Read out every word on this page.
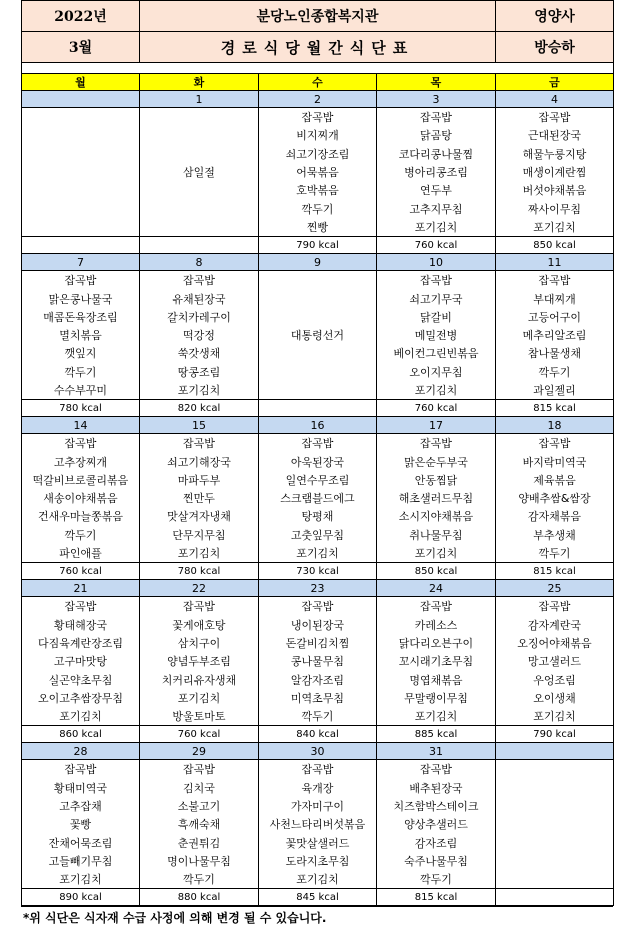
2022년	분당노인종합복지관			영양사
3월	경로식당월간식단표			방승하

월	화	수	목	금
	1	2	3	4
		잡곡밥	잡곡밥	잡곡밥
		비지찌개	닭곰탕	근대된장국
		쇠고기장조림	코다리콩나물찜	해물누룽지탕
	삼일절	어묵볶음	병아리콩조림	매생이계란찜
		호박볶음	연두부	버섯야채볶음
		깍두기	고추지무침	짜사이무침
		찐빵	포기김치	포기김치
		790 kcal	760 kcal	850 kcal
7	8	9	10	11
잡곡밥	잡곡밥		잡곡밥	잡곡밥
맑은콩나물국	유채된장국		쇠고기무국	부대찌개
매콤돈육장조림	갈치카레구이		닭갈비	고등어구이
멸치볶음	떡강정	대통령선거	메밀전병	메추리알조림
깻잎지	쑥갓생채		베이컨그린빈볶음	참나물생채
깍두기	땅콩조림		오이지무침	깍두기
수수부꾸미	포기김치		포기김치	과일젤리
780 kcal	820 kcal		760 kcal	815 kcal
14	15	16	17	18
잡곡밥	잡곡밥	잡곡밥	잡곡밥	잡곡밥
고추장찌개	쇠고기해장국	아욱된장국	맑은순두부국	바지락미역국
떡갈비브로콜리볶음	마파두부	일연수무조림	안동찜닭	제육볶음
새송이야채볶음	찐만두	스크램블드에그	해초샐러드무침	양배추쌈&쌈장
건새우마늘쫑볶음	맛살겨자냉채	탕평채	소시지야채볶음	감자채볶음
깍두기	단무지무침	고춧잎무침	취나물무침	부추생채
파인애플	포기김치	포기김치	포기김치	깍두기
760 kcal	780 kcal	730 kcal	850 kcal	815 kcal
21	22	23	24	25
잡곡밥	잡곡밥	잡곡밥	잡곡밥	잡곡밥
황태해장국	꽃게애호탕	냉이된장국	카레소스	감자계란국
다짐육계란장조림	삼치구이	돈갈비김치찜	닭다리오븐구이	오징어야채볶음
고구마맛탕	양념두부조림	콩나물무침	꼬시래기초무침	망고샐러드
실곤약초무침	치커리유자생채	알감자조림	명엽채볶음	우엉조림
오이고추쌈장무침	포기김치	미역초무침	무말랭이무침	오이생채
포기김치	방울토마토	깍두기	포기김치	포기김치
860 kcal	760 kcal	840 kcal	885 kcal	790 kcal
28	29	30	31	
잡곡밥	잡곡밥	잡곡밥	잡곡밥	
황태미역국	김치국	육개장	배추된장국	
고추잡채	소불고기	가자미구이	치즈함박스테이크	
꽃빵	흑깨숙채	사천느타리버섯볶음	양상추샐러드	
잔채어묵조림	춘권튀김	꽃맛살샐러드	감자조림	
고들빼기무침	명이나물무침	도라지초무침	숙주나물무침	
포기김치	깍두기	포기김치	깍두기	
890 kcal	880 kcal	845 kcal	815 kcal	
*위 식단은 식자재 수급 사정에 의해 변경 될 수 있습니다.
